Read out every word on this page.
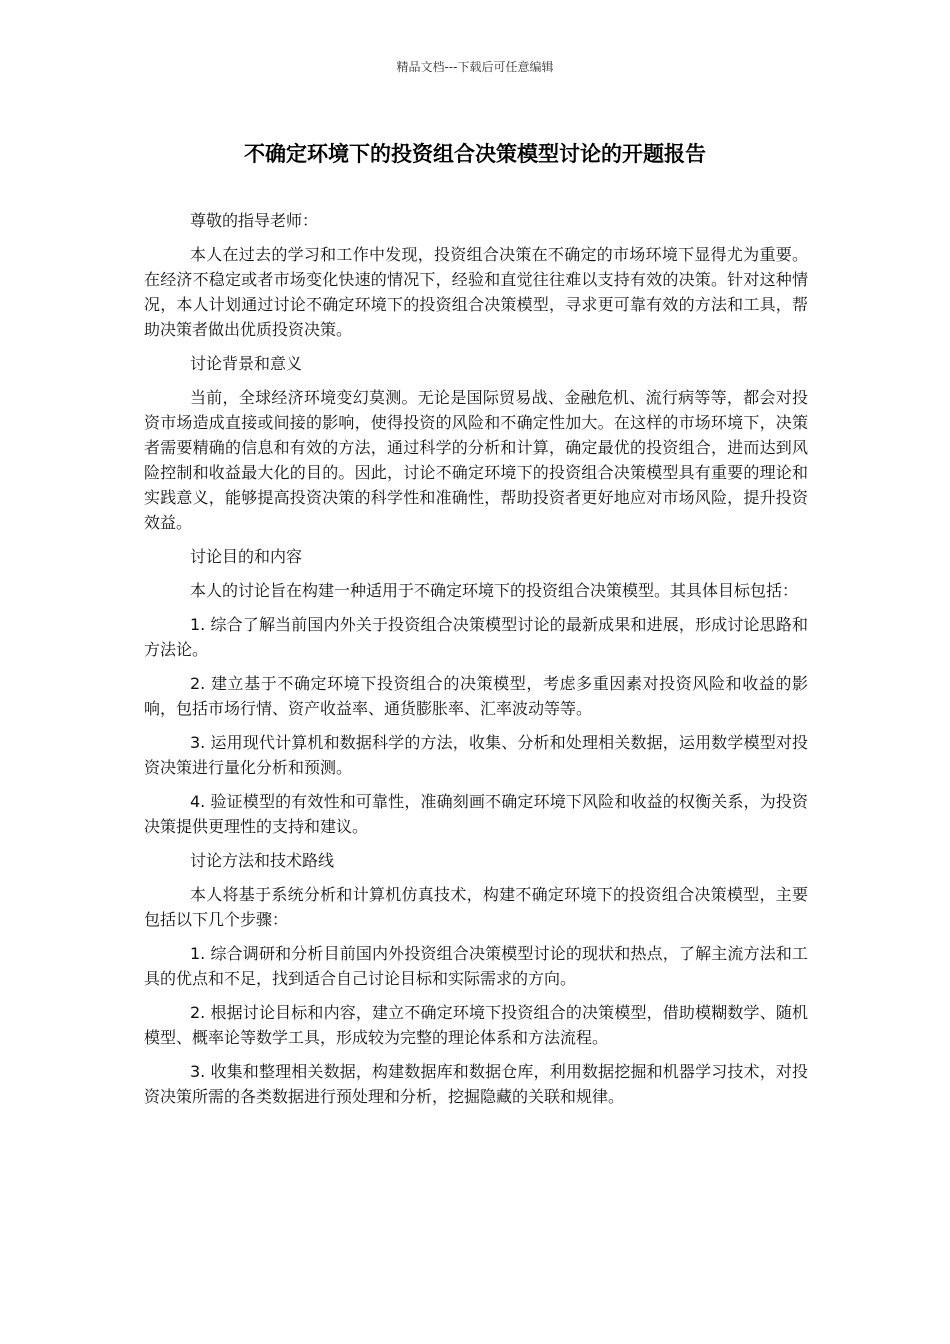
精品文档---下载后可任意编辑
不确定环境下的投资组合决策模型讨论的开题报告

尊敬的指导老师：

本人在过去的学习和工作中发现，投资组合决策在不确定的市场环境下显得尤为重要。在经济不稳定或者市场变化快速的情况下，经验和直觉往往难以支持有效的决策。针对这种情况，本人计划通过讨论不确定环境下的投资组合决策模型，寻求更可靠有效的方法和工具，帮助决策者做出优质投资决策。

讨论背景和意义

当前，全球经济环境变幻莫测。无论是国际贸易战、金融危机、流行病等等，都会对投资市场造成直接或间接的影响，使得投资的风险和不确定性加大。在这样的市场环境下，决策者需要精确的信息和有效的方法，通过科学的分析和计算，确定最优的投资组合，进而达到风险控制和收益最大化的目的。因此，讨论不确定环境下的投资组合决策模型具有重要的理论和实践意义，能够提高投资决策的科学性和准确性，帮助投资者更好地应对市场风险，提升投资效益。

讨论目的和内容

本人的讨论旨在构建一种适用于不确定环境下的投资组合决策模型。其具体目标包括：

1. 综合了解当前国内外关于投资组合决策模型讨论的最新成果和进展，形成讨论思路和方法论。

2. 建立基于不确定环境下投资组合的决策模型，考虑多重因素对投资风险和收益的影响，包括市场行情、资产收益率、通货膨胀率、汇率波动等等。

3. 运用现代计算机和数据科学的方法，收集、分析和处理相关数据，运用数学模型对投资决策进行量化分析和预测。

4. 验证模型的有效性和可靠性，准确刻画不确定环境下风险和收益的权衡关系，为投资决策提供更理性的支持和建议。

讨论方法和技术路线

本人将基于系统分析和计算机仿真技术，构建不确定环境下的投资组合决策模型，主要包括以下几个步骤：

1. 综合调研和分析目前国内外投资组合决策模型讨论的现状和热点，了解主流方法和工具的优点和不足，找到适合自己讨论目标和实际需求的方向。

2. 根据讨论目标和内容，建立不确定环境下投资组合的决策模型，借助模糊数学、随机模型、概率论等数学工具，形成较为完整的理论体系和方法流程。

3. 收集和整理相关数据，构建数据库和数据仓库，利用数据挖掘和机器学习技术，对投资决策所需的各类数据进行预处理和分析，挖掘隐藏的关联和规律。
